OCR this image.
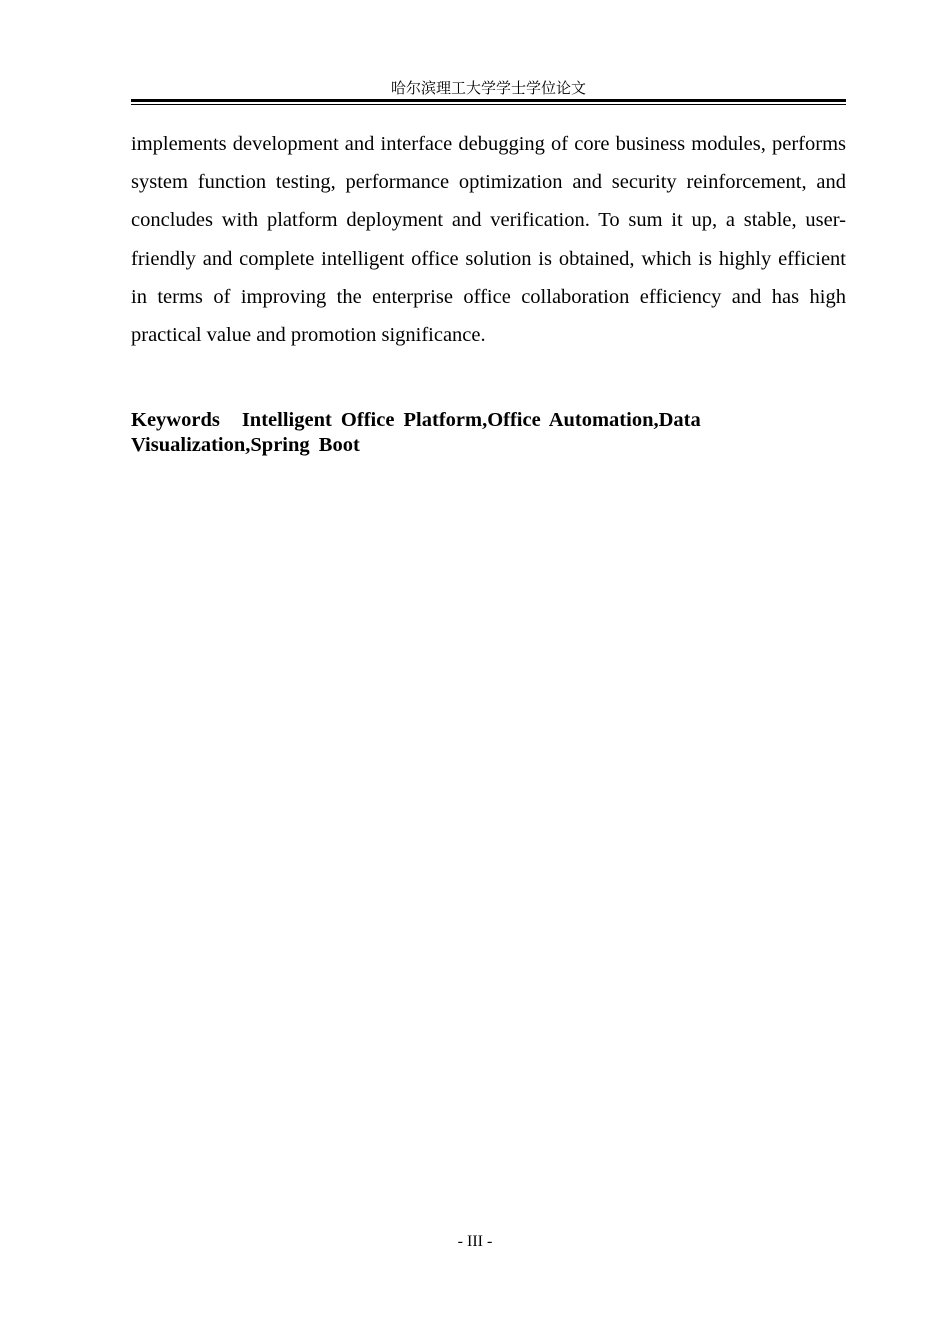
哈尔滨理工大学学士学位论文

implements development and interface debugging of core business modules, performs system function testing, performance optimization and security reinforcement, and concludes with platform deployment and verification. To sum it up, a stable, user-friendly and complete intelligent office solution is obtained, which is highly efficient in terms of improving the enterprise office collaboration efficiency and has high practical value and promotion significance.

Keywords Intelligent Office Platform,Office Automation,Data
Visualization,Spring Boot
- III -
